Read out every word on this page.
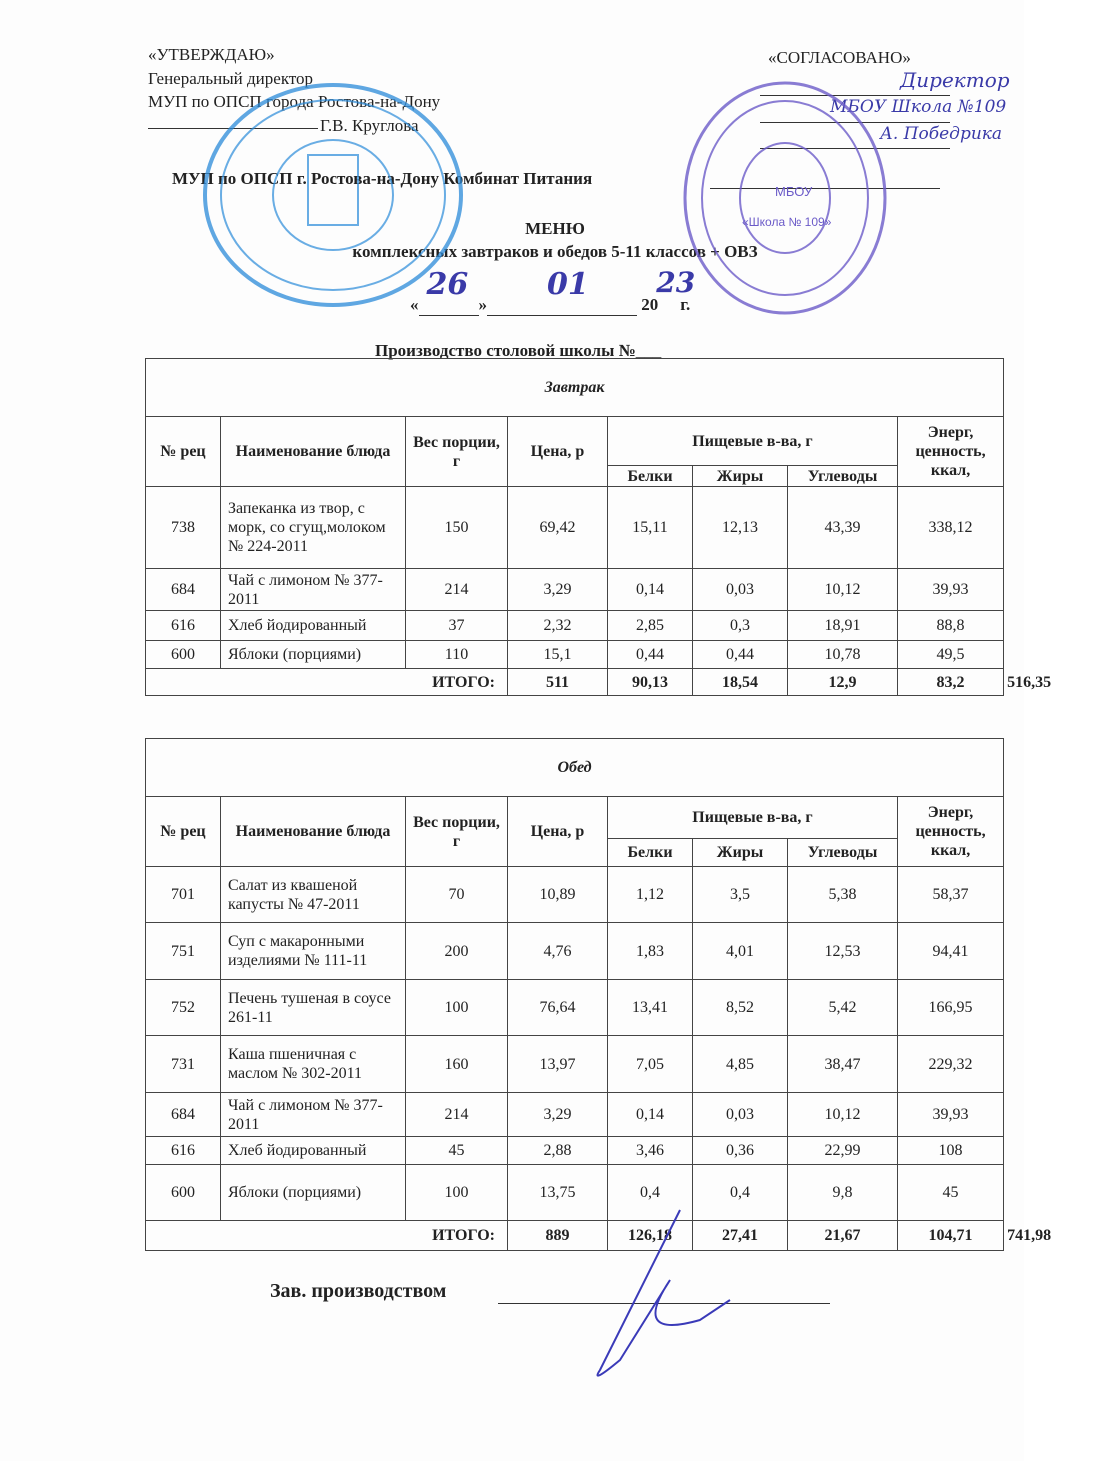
«УТВЕРЖДАЮ»
Генеральный директор
МУП по ОПСП города Ростова-на-Дону
Г.В. Круглова
«СОГЛАСОВАНО»
Директор
МБОУ Школа №109
А. Победрика
МУП по ОПСП г. Ростова-на-Дону Комбинат Питания
МЕНЮ
комплексных завтраков и обедов 5-11 классов + ОВЗ
«
26
»
01
20
23
г.
Производство столовой школы №___
МБОУ
«Школа № 109»
Завтрак								
№ рец	Наименование блюда	Вес порции, г	Цена, р	Пищевые в-ва, г			Энерг, ценность, ккал,	
				Белки	Жиры	Углеводы		
738	Запеканка из твор, с морк, со сгущ,молоком № 224-2011	150	69,42	15,11	12,13	43,39	338,12	
684	Чай с лимоном № 377-2011	214	3,29	0,14	0,03	10,12	39,93	
616	Хлеб йодированный	37	2,32	2,85	0,3	18,91	88,8	
600	Яблоки (порциями)	110	15,1	0,44	0,44	10,78	49,5	
ИТОГО:			511	90,13	18,54	12,9	83,2	516,35
Обед								
№ рец	Наименование блюда	Вес порции, г	Цена, р	Пищевые в-ва, г			Энерг, ценность, ккал,	
				Белки	Жиры	Углеводы		
701	Салат из квашеной капусты № 47-2011	70	10,89	1,12	3,5	5,38	58,37	
751	Суп с макаронными изделиями № 111-11	200	4,76	1,83	4,01	12,53	94,41	
752	Печень тушеная в соусе 261-11	100	76,64	13,41	8,52	5,42	166,95	
731	Каша пшеничная с маслом № 302-2011	160	13,97	7,05	4,85	38,47	229,32	
684	Чай с лимоном № 377-2011	214	3,29	0,14	0,03	10,12	39,93	
616	Хлеб йодированный	45	2,88	3,46	0,36	22,99	108	
600	Яблоки (порциями)	100	13,75	0,4	0,4	9,8	45	
ИТОГО:			889	126,18	27,41	21,67	104,71	741,98
Зав. производством
